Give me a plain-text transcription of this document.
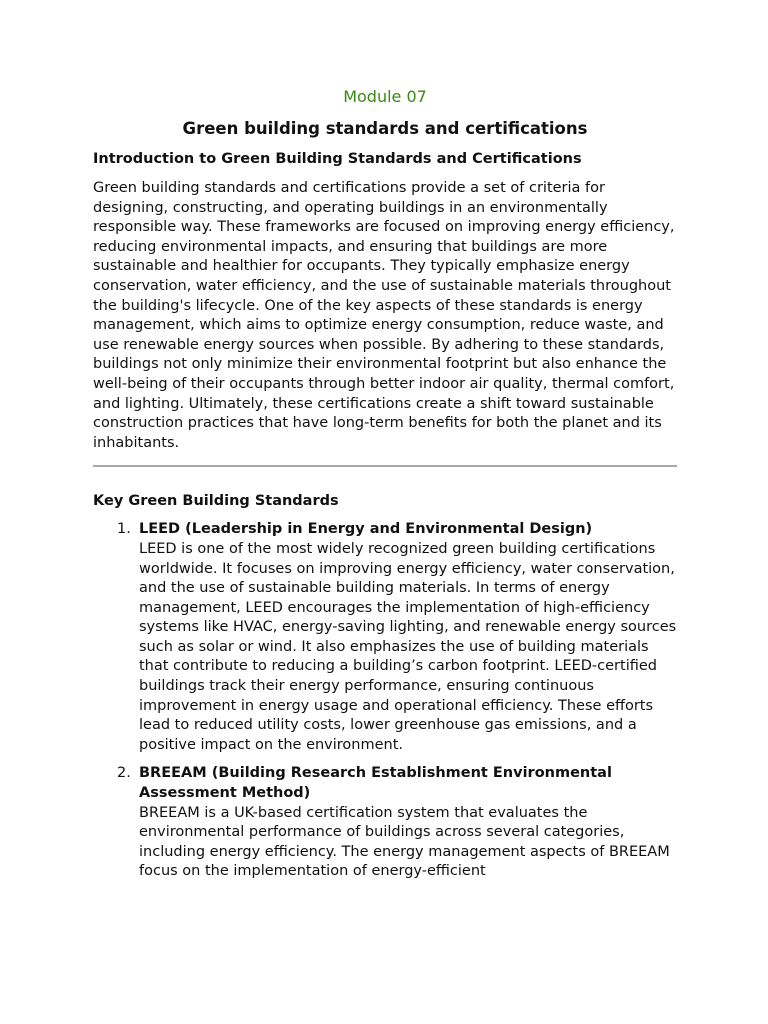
Module 07
Green building standards and certifications
Introduction to Green Building Standards and Certifications

Green building standards and certifications provide a set of criteria for designing, constructing, and operating buildings in an environmentally responsible way. These frameworks are focused on improving energy efficiency, reducing environmental impacts, and ensuring that buildings are more sustainable and healthier for occupants. They typically emphasize energy conservation, water efficiency, and the use of sustainable materials throughout the building's lifecycle. One of the key aspects of these standards is energy management, which aims to optimize energy consumption, reduce waste, and use renewable energy sources when possible. By adhering to these standards, buildings not only minimize their environmental footprint but also enhance the well-being of their occupants through better indoor air quality, thermal comfort, and lighting. Ultimately, these certifications create a shift toward sustainable construction practices that have long-term benefits for both the planet and its inhabitants.

Key Green Building Standards
1. LEED (Leadership in Energy and Environmental Design)
LEED is one of the most widely recognized green building certifications worldwide. It focuses on improving energy efficiency, water conservation, and the use of sustainable building materials. In terms of energy management, LEED encourages the implementation of high-efficiency systems like HVAC, energy-saving lighting, and renewable energy sources such as solar or wind. It also emphasizes the use of building materials that contribute to reducing a building’s carbon footprint. LEED-certified buildings track their energy performance, ensuring continuous improvement in energy usage and operational efficiency. These efforts lead to reduced utility costs, lower greenhouse gas emissions, and a positive impact on the environment.
2. BREEAM (Building Research Establishment Environmental Assessment Method)
BREEAM is a UK-based certification system that evaluates the environmental performance of buildings across several categories, including energy efficiency. The energy management aspects of BREEAM focus on the implementation of energy-efficient
